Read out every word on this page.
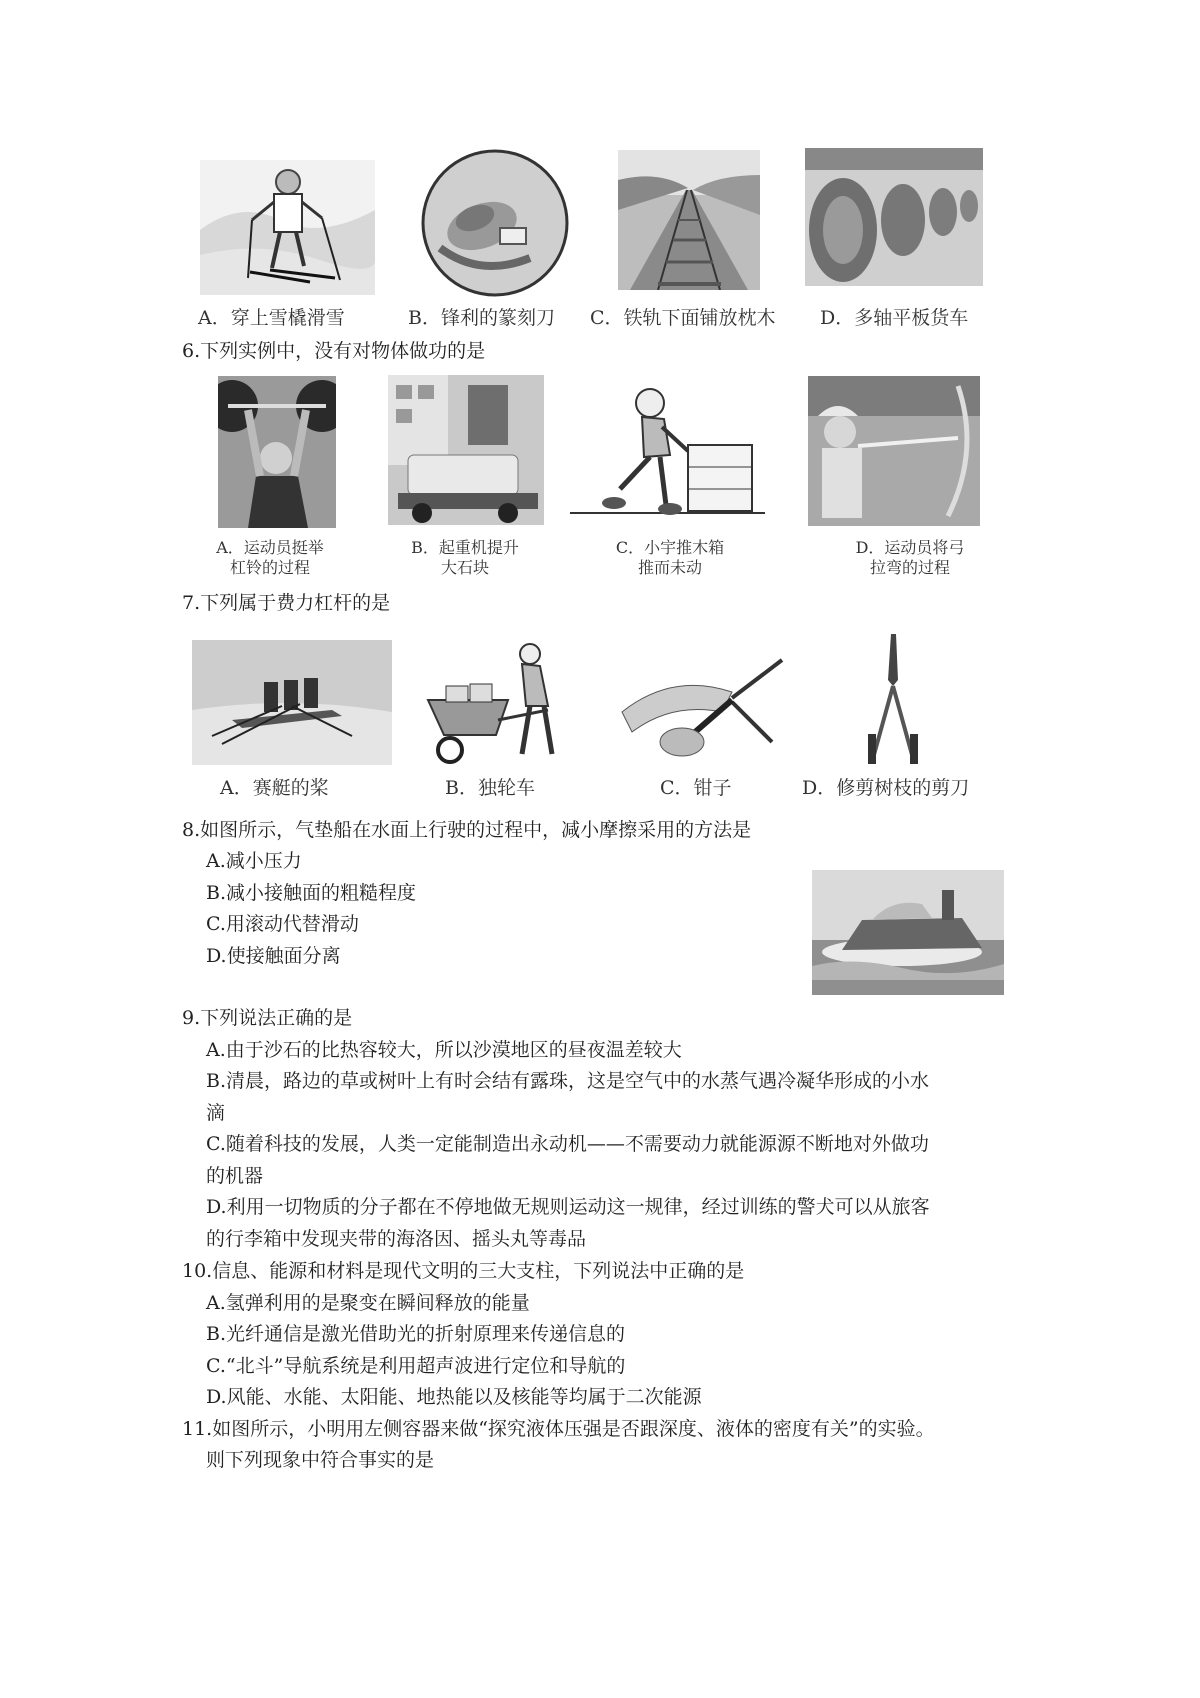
A．穿上雪橇滑雪	B．锋利的篆刻刀 C．铁轨下面铺放枕木 D．多轴平板货车
6.下列实例中，没有对物体做功的是
A．运动员挺举
杠铃的过程
B．起重机提升
大石块
C．小宇推木箱
推而未动
D．运动员将弓
拉弯的过程
7.下列属于费力杠杆的是
A．赛艇的桨	B．独轮车	C．钳子	D．修剪树枝的剪刀
8.如图所示，气垫船在水面上行驶的过程中，减小摩擦采用的方法是
A.减小压力
B.减小接触面的粗糙程度
C.用滚动代替滑动
D.使接触面分离
9.下列说法正确的是
A.由于沙石的比热容较大，所以沙漠地区的昼夜温差较大
B.清晨，路边的草或树叶上有时会结有露珠，这是空气中的水蒸气遇冷凝华形成的小水
滴
C.随着科技的发展，人类一定能制造出永动机——不需要动力就能源源不断地对外做功
的机器
D.利用一切物质的分子都在不停地做无规则运动这一规律，经过训练的警犬可以从旅客
的行李箱中发现夹带的海洛因、摇头丸等毒品
10.信息、能源和材料是现代文明的三大支柱，下列说法中正确的是
A.氢弹利用的是聚变在瞬间释放的能量
B.光纤通信是激光借助光的折射原理来传递信息的
C.“北斗”导航系统是利用超声波进行定位和导航的
D.风能、水能、太阳能、地热能以及核能等均属于二次能源
11.如图所示，小明用左侧容器来做“探究液体压强是否跟深度、液体的密度有关”的实验。
则下列现象中符合事实的是
